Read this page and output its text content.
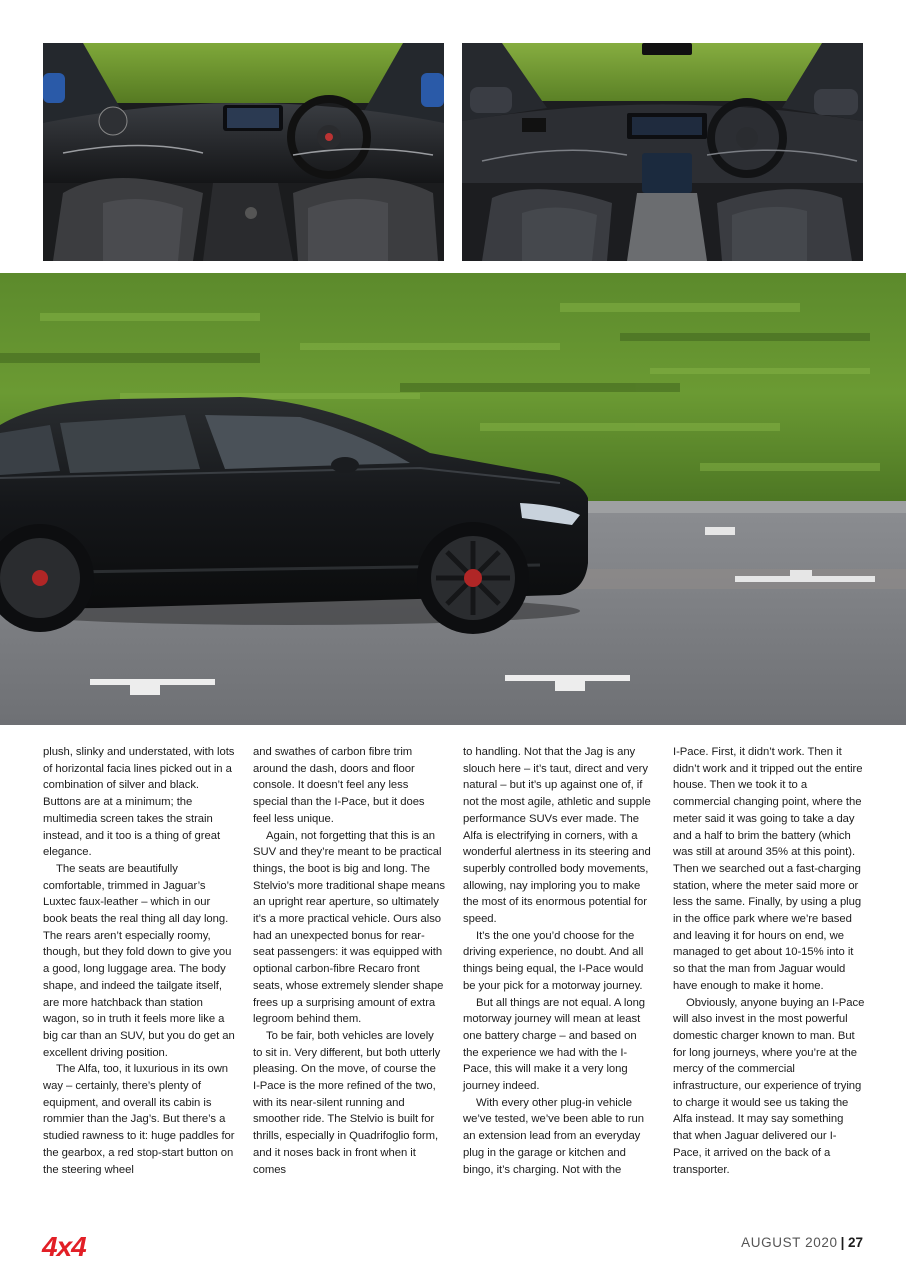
plush, slinky and understated, with lots of horizontal facia lines picked out in a combination of silver and black. Buttons are at a minimum; the multimedia screen takes the strain instead, and it too is a thing of great elegance.

The seats are beautifully comfortable, trimmed in Jaguar’s Luxtec faux-leather – which in our book beats the real thing all day long. The rears aren’t especially roomy, though, but they fold down to give you a good, long luggage area. The body shape, and indeed the tailgate itself, are more hatchback than station wagon, so in truth it feels more like a big car than an SUV, but you do get an excellent driving position.

The Alfa, too, it luxurious in its own way – certainly, there’s plenty of equipment, and overall its cabin is rommier than the Jag’s. But there’s a studied rawness to it: huge paddles for the gearbox, a red stop-start button on the steering wheel

and swathes of carbon fibre trim around the dash, doors and floor console. It doesn’t feel any less special than the I-Pace, but it does feel less unique.

Again, not forgetting that this is an SUV and they’re meant to be practical things, the boot is big and long. The Stelvio’s more traditional shape means an upright rear aperture, so ultimately it’s a more practical vehicle. Ours also had an unexpected bonus for rear-seat passengers: it was equipped with optional carbon-fibre Recaro front seats, whose extremely slender shape frees up a surprising amount of extra legroom behind them.

To be fair, both vehicles are lovely to sit in. Very different, but both utterly pleasing. On the move, of course the I-Pace is the more refined of the two, with its near-silent running and smoother ride. The Stelvio is built for thrills, especially in Quadrifoglio form, and it noses back in front when it comes

to handling. Not that the Jag is any slouch here – it’s taut, direct and very natural – but it’s up against one of, if not the most agile, athletic and supple performance SUVs ever made. The Alfa is electrifying in corners, with a wonderful alertness in its steering and superbly controlled body movements, allowing, nay imploring you to make the most of its enormous potential for speed.

It’s the one you’d choose for the driving experience, no doubt. And all things being equal, the I-Pace would be your pick for a motorway journey.

But all things are not equal. A long motorway journey will mean at least one battery charge – and based on the experience we had with the I-Pace, this will make it a very long journey indeed.

With every other plug-in vehicle we’ve tested, we’ve been able to run an extension lead from an everyday plug in the garage or kitchen and bingo, it’s charging. Not with the

I-Pace. First, it didn’t work. Then it didn’t work and it tripped out the entire house. Then we took it to a commercial changing point, where the meter said it was going to take a day and a half to brim the battery (which was still at around 35% at this point). Then we searched out a fast-charging station, where the meter said more or less the same. Finally, by using a plug in the office park where we’re based and leaving it for hours on end, we managed to get about 10-15% into it so that the man from Jaguar would have enough to make it home.

Obviously, anyone buying an I-Pace will also invest in the most powerful domestic charger known to man. But for long journeys, where you’re at the mercy of the commercial infrastructure, our experience of trying to charge it would see us taking the Alfa instead. It may say something that when Jaguar delivered our I-Pace, it arrived on the back of a transporter.

4x4	AUGUST 2020 | 27
